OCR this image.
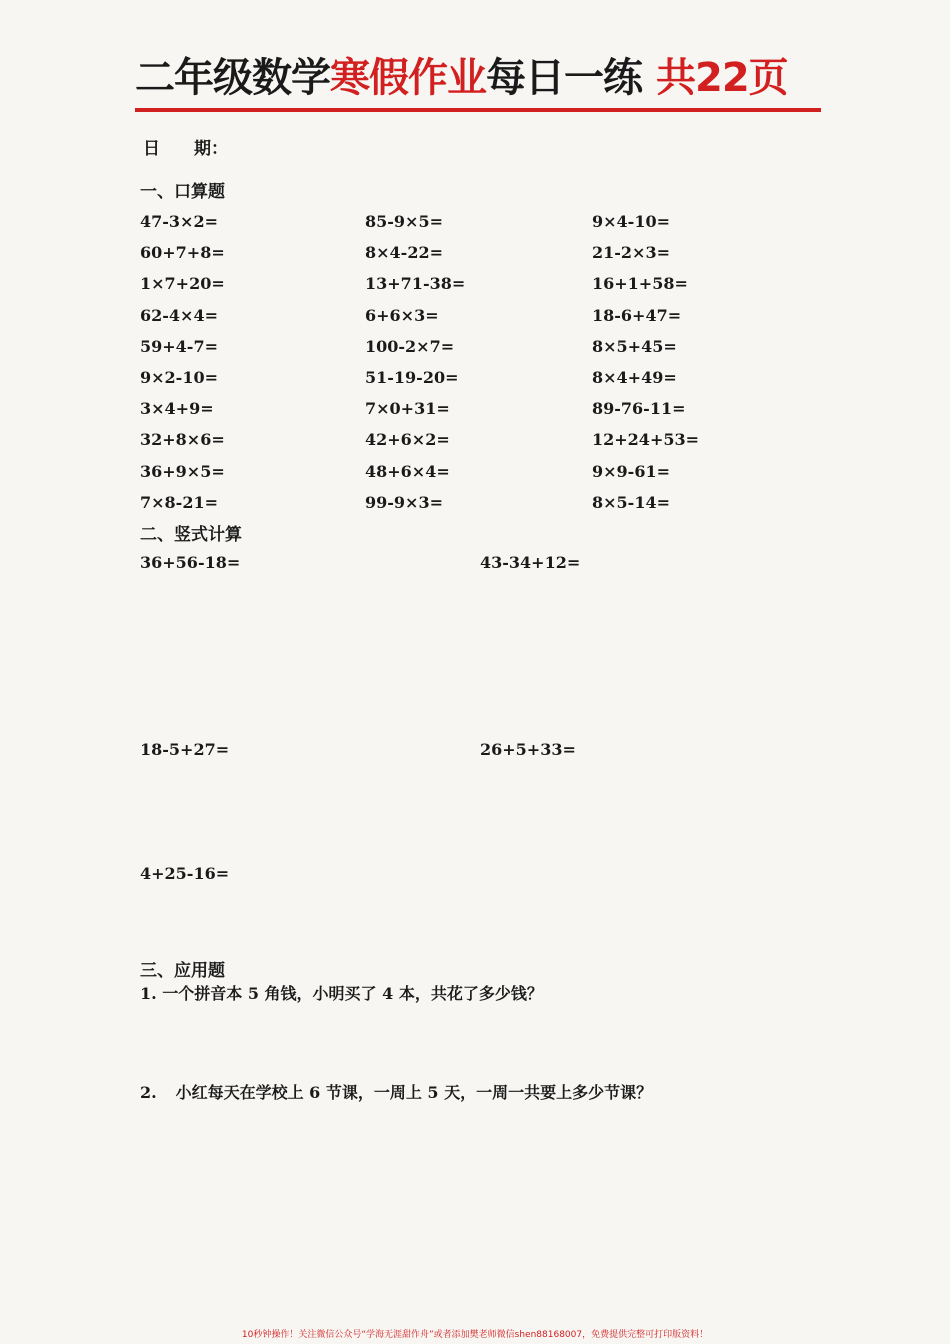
二年级数学寒假作业每日一练 共22页
日　　期：
一、口算题
47-3×2=	85-9×5=	9×4-10=
60+7+8=	8×4-22=	21-2×3=
1×7+20=	13+71-38=	16+1+58=
62-4×4=	6+6×3=	18-6+47=
59+4-7=	100-2×7=	8×5+45=
9×2-10=	51-19-20=	8×4+49=
3×4+9=	7×0+31=	89-76-11=
32+8×6=	42+6×2=	12+24+53=
36+9×5=	48+6×4=	9×9-61=
7×8-21=	99-9×3=	8×5-14=
二、竖式计算
36+56-18=	43-34+12=
18-5+27=	26+5+33=
4+25-16=
三、应用题
1. 一个拼音本 5 角钱，小明买了 4 本，共花了多少钱？
2. 小红每天在学校上 6 节课，一周上 5 天，一周一共要上多少节课？
10秒钟操作！关注微信公众号“学海无涯甜作舟”或者添加樊老师微信shen88168007，免费提供完整可打印版资料！
